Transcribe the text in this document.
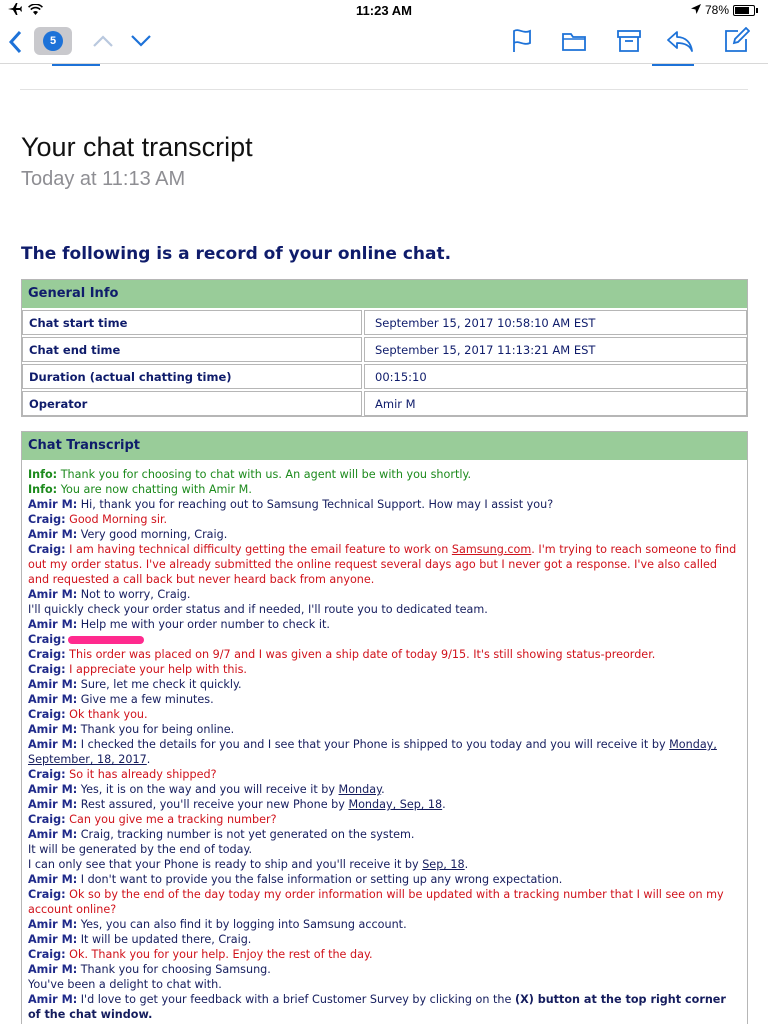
11:23 AM	78%
5
Your chat transcript
Today at 11:13 AM
The following is a record of your online chat.
General Info
Chat start time	September 15, 2017 10:58:10 AM EST
Chat end time	September 15, 2017 11:13:21 AM EST
Duration (actual chatting time)	00:15:10
Operator	Amir M
Chat Transcript
Info: Thank you for choosing to chat with us. An agent will be with you shortly.
Info: You are now chatting with Amir M.
Amir M: Hi, thank you for reaching out to Samsung Technical Support. How may I assist you?
Craig: Good Morning sir.
Amir M: Very good morning, Craig.
Craig: I am having technical difficulty getting the email feature to work on Samsung.com. I'm trying to reach someone to find out my order status. I've already submitted the online request several days ago but I never got a response. I've also called and requested a call back but never heard back from anyone.
Amir M: Not to worry, Craig.
I'll quickly check your order status and if needed, I'll route you to dedicated team.
Amir M: Help me with your order number to check it.
Craig:
Craig: This order was placed on 9/7 and I was given a ship date of today 9/15. It's still showing status-preorder.
Craig: I appreciate your help with this.
Amir M: Sure, let me check it quickly.
Amir M: Give me a few minutes.
Craig: Ok thank you.
Amir M: Thank you for being online.
Amir M: I checked the details for you and I see that your Phone is shipped to you today and you will receive it by Monday, September, 18, 2017.
Craig: So it has already shipped?
Amir M: Yes, it is on the way and you will receive it by Monday.
Amir M: Rest assured, you'll receive your new Phone by Monday, Sep, 18.
Craig: Can you give me a tracking number?
Amir M: Craig, tracking number is not yet generated on the system.
It will be generated by the end of today.
I can only see that your Phone is ready to ship and you'll receive it by Sep, 18.
Amir M: I don't want to provide you the false information or setting up any wrong expectation.
Craig: Ok so by the end of the day today my order information will be updated with a tracking number that I will see on my account online?
Amir M: Yes, you can also find it by logging into Samsung account.
Amir M: It will be updated there, Craig.
Craig: Ok. Thank you for your help. Enjoy the rest of the day.
Amir M: Thank you for choosing Samsung.
You've been a delight to chat with.
Amir M: I'd love to get your feedback with a brief Customer Survey by clicking on the (X) button at the top right corner of the chat window.
